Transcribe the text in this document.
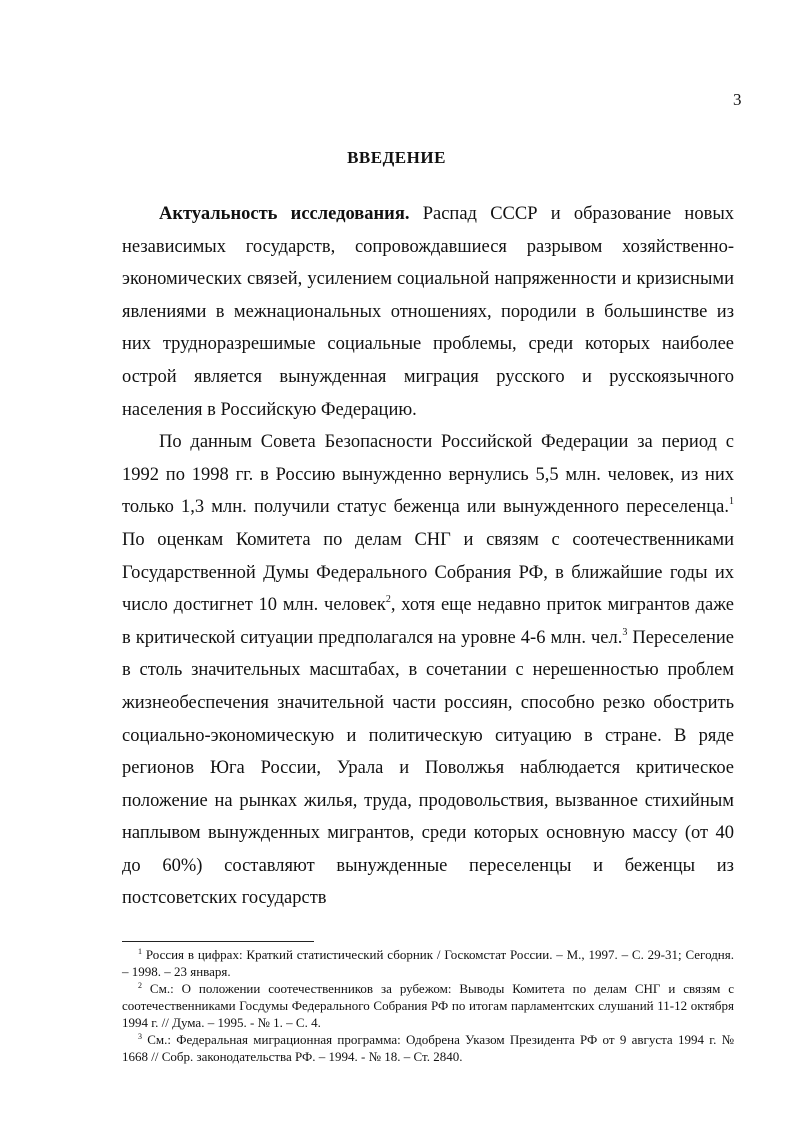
3
ВВЕДЕНИЕ

Актуальность исследования. Распад СССР и образование новых независимых государств, сопровождавшиеся разрывом хозяйственно-экономических связей, усилением социальной напряженности и кризисными явлениями в межнациональных отношениях, породили в большинстве из них трудноразрешимые социальные проблемы, среди которых наиболее острой является вынужденная миграция русского и русскоязычного населения в Российскую Федерацию.

По данным Совета Безопасности Российской Федерации за период с 1992 по 1998 гг. в Россию вынужденно вернулись 5,5 млн. человек, из них только 1,3 млн. получили статус беженца или вынужденного переселенца.$^1$ По оценкам Комитета по делам СНГ и связям с соотечественниками Государственной Думы Федерального Собрания РФ, в ближайшие годы их число достигнет 10 млн. человек$^2$, хотя еще недавно приток мигрантов даже в критической ситуации предполагался на уровне 4-6 млн. чел.$^3$ Переселение в столь значительных масштабах, в сочетании с нерешенностью проблем жизнеобеспечения значительной части россиян, способно резко обострить социально-экономическую и политическую ситуацию в стране. В ряде регионов Юга России, Урала и Поволжья наблюдается критическое положение на рынках жилья, труда, продовольствия, вызванное стихийным наплывом вынужденных мигрантов, среди которых основную массу (от 40 до 60%) составляют вынужденные переселенцы и беженцы из постсоветских государств

$^1$ Россия в цифрах: Краткий статистический сборник / Госкомстат России. – М., 1997. – С. 29-31; Сегодня. – 1998. – 23 января.

$^2$ См.: О положении соотечественников за рубежом: Выводы Комитета по делам СНГ и связям с соотечественниками Госдумы Федерального Собрания РФ по итогам парламентских слушаний 11-12 октября 1994 г. // Дума. – 1995. - № 1. – С. 4.

$^3$ См.: Федеральная миграционная программа: Одобрена Указом Президента РФ от 9 августа 1994 г. № 1668 // Собр. законодательства РФ. – 1994. - № 18. – Ст. 2840.
